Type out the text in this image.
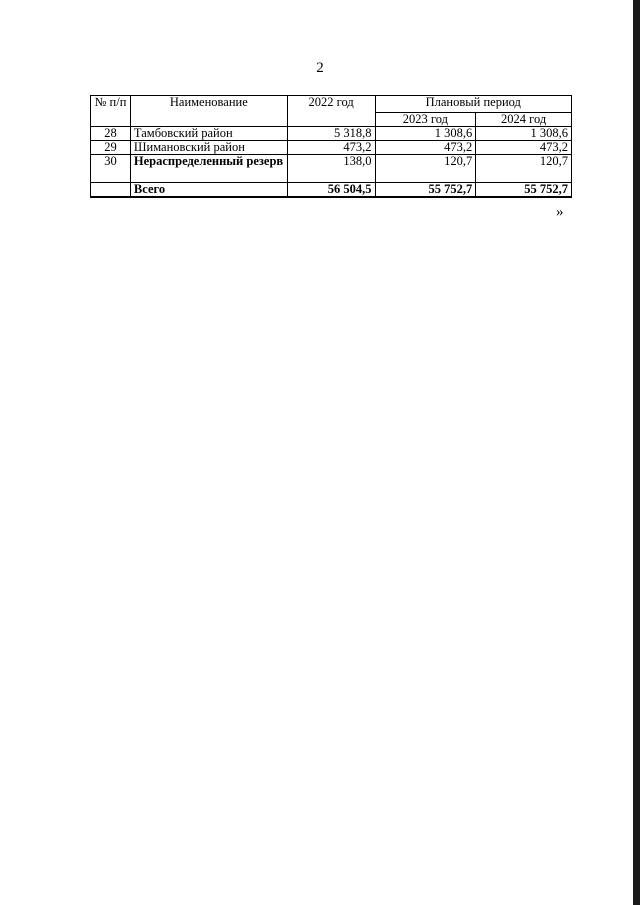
2
№ п/п	Наименование	2022 год	Плановый период	
			2023 год	2024 год
28	Тамбовский район	5 318,8	1 308,6	1 308,6
29	Шимановский район	473,2	473,2	473,2
30	Нераспределенный резерв	138,0	120,7	120,7
	Всего	56 504,5	55 752,7	55 752,7
»
